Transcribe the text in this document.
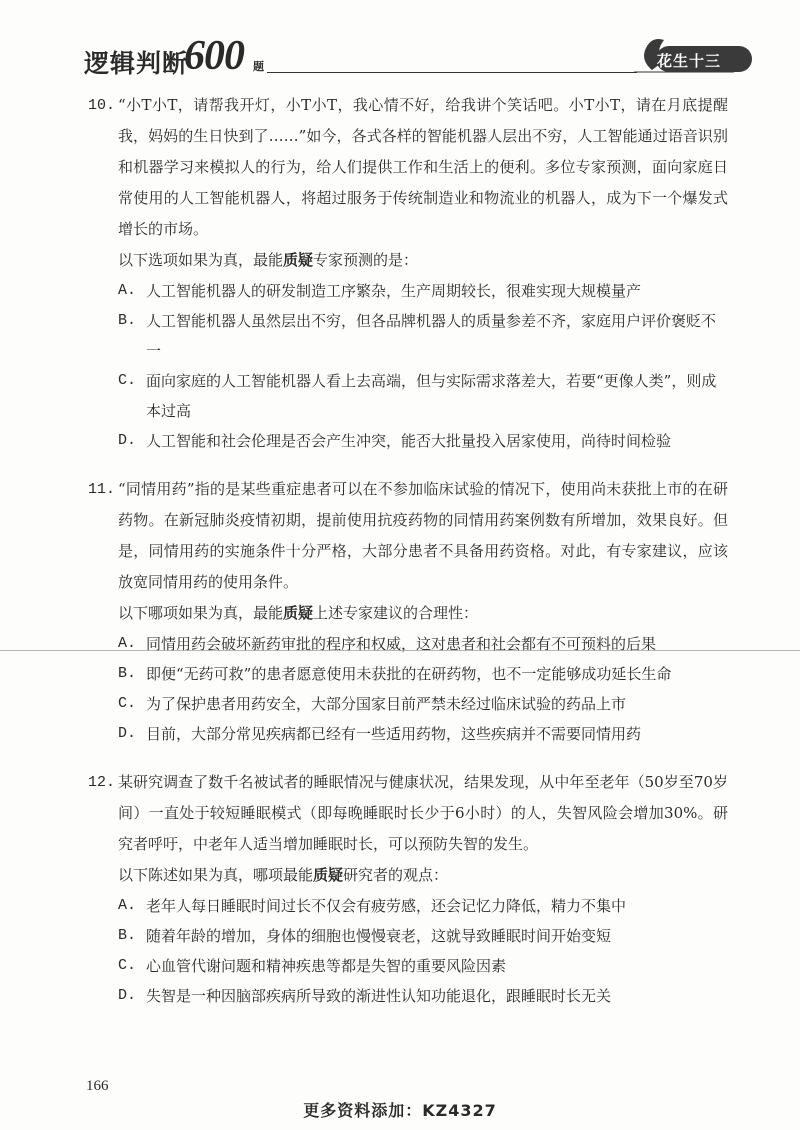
逻辑判断
600 题	花生十三
10. “小T小T，请帮我开灯，小T小T，我心情不好，给我讲个笑话吧。小T小T，请在月底提醒我，妈妈的生日快到了……”如今，各式各样的智能机器人层出不穷，人工智能通过语音识别和机器学习来模拟人的行为，给人们提供工作和生活上的便利。多位专家预测，面向家庭日常使用的人工智能机器人，将超过服务于传统制造业和物流业的机器人，成为下一个爆发式增长的市场。
以下选项如果为真，最能质疑专家预测的是：
A. 人工智能机器人的研发制造工序繁杂，生产周期较长，很难实现大规模量产
B. 人工智能机器人虽然层出不穷，但各品牌机器人的质量参差不齐，家庭用户评价褒贬不一
C. 面向家庭的人工智能机器人看上去高端，但与实际需求落差大，若要“更像人类”，则成本过高
D. 人工智能和社会伦理是否会产生冲突，能否大批量投入居家使用，尚待时间检验
11. “同情用药”指的是某些重症患者可以在不参加临床试验的情况下，使用尚未获批上市的在研药物。在新冠肺炎疫情初期，提前使用抗疫药物的同情用药案例数有所增加，效果良好。但是，同情用药的实施条件十分严格，大部分患者不具备用药资格。对此，有专家建议，应该放宽同情用药的使用条件。
以下哪项如果为真，最能质疑上述专家建议的合理性：
A. 同情用药会破坏新药审批的程序和权威，这对患者和社会都有不可预料的后果
B. 即便“无药可救”的患者愿意使用未获批的在研药物，也不一定能够成功延长生命
C. 为了保护患者用药安全，大部分国家目前严禁未经过临床试验的药品上市
D. 目前，大部分常见疾病都已经有一些适用药物，这些疾病并不需要同情用药
12. 某研究调查了数千名被试者的睡眠情况与健康状况，结果发现，从中年至老年（50岁至70岁间）一直处于较短睡眠模式（即每晚睡眠时长少于6小时）的人，失智风险会增加30%。研究者呼吁，中老年人适当增加睡眠时长，可以预防失智的发生。
以下陈述如果为真，哪项最能质疑研究者的观点：
A. 老年人每日睡眠时间过长不仅会有疲劳感，还会记忆力降低，精力不集中
B. 随着年龄的增加，身体的细胞也慢慢衰老，这就导致睡眠时间开始变短
C. 心血管代谢问题和精神疾患等都是失智的重要风险因素
D. 失智是一种因脑部疾病所导致的渐进性认知功能退化，跟睡眠时长无关
166
更多资料添加：KZ4327
